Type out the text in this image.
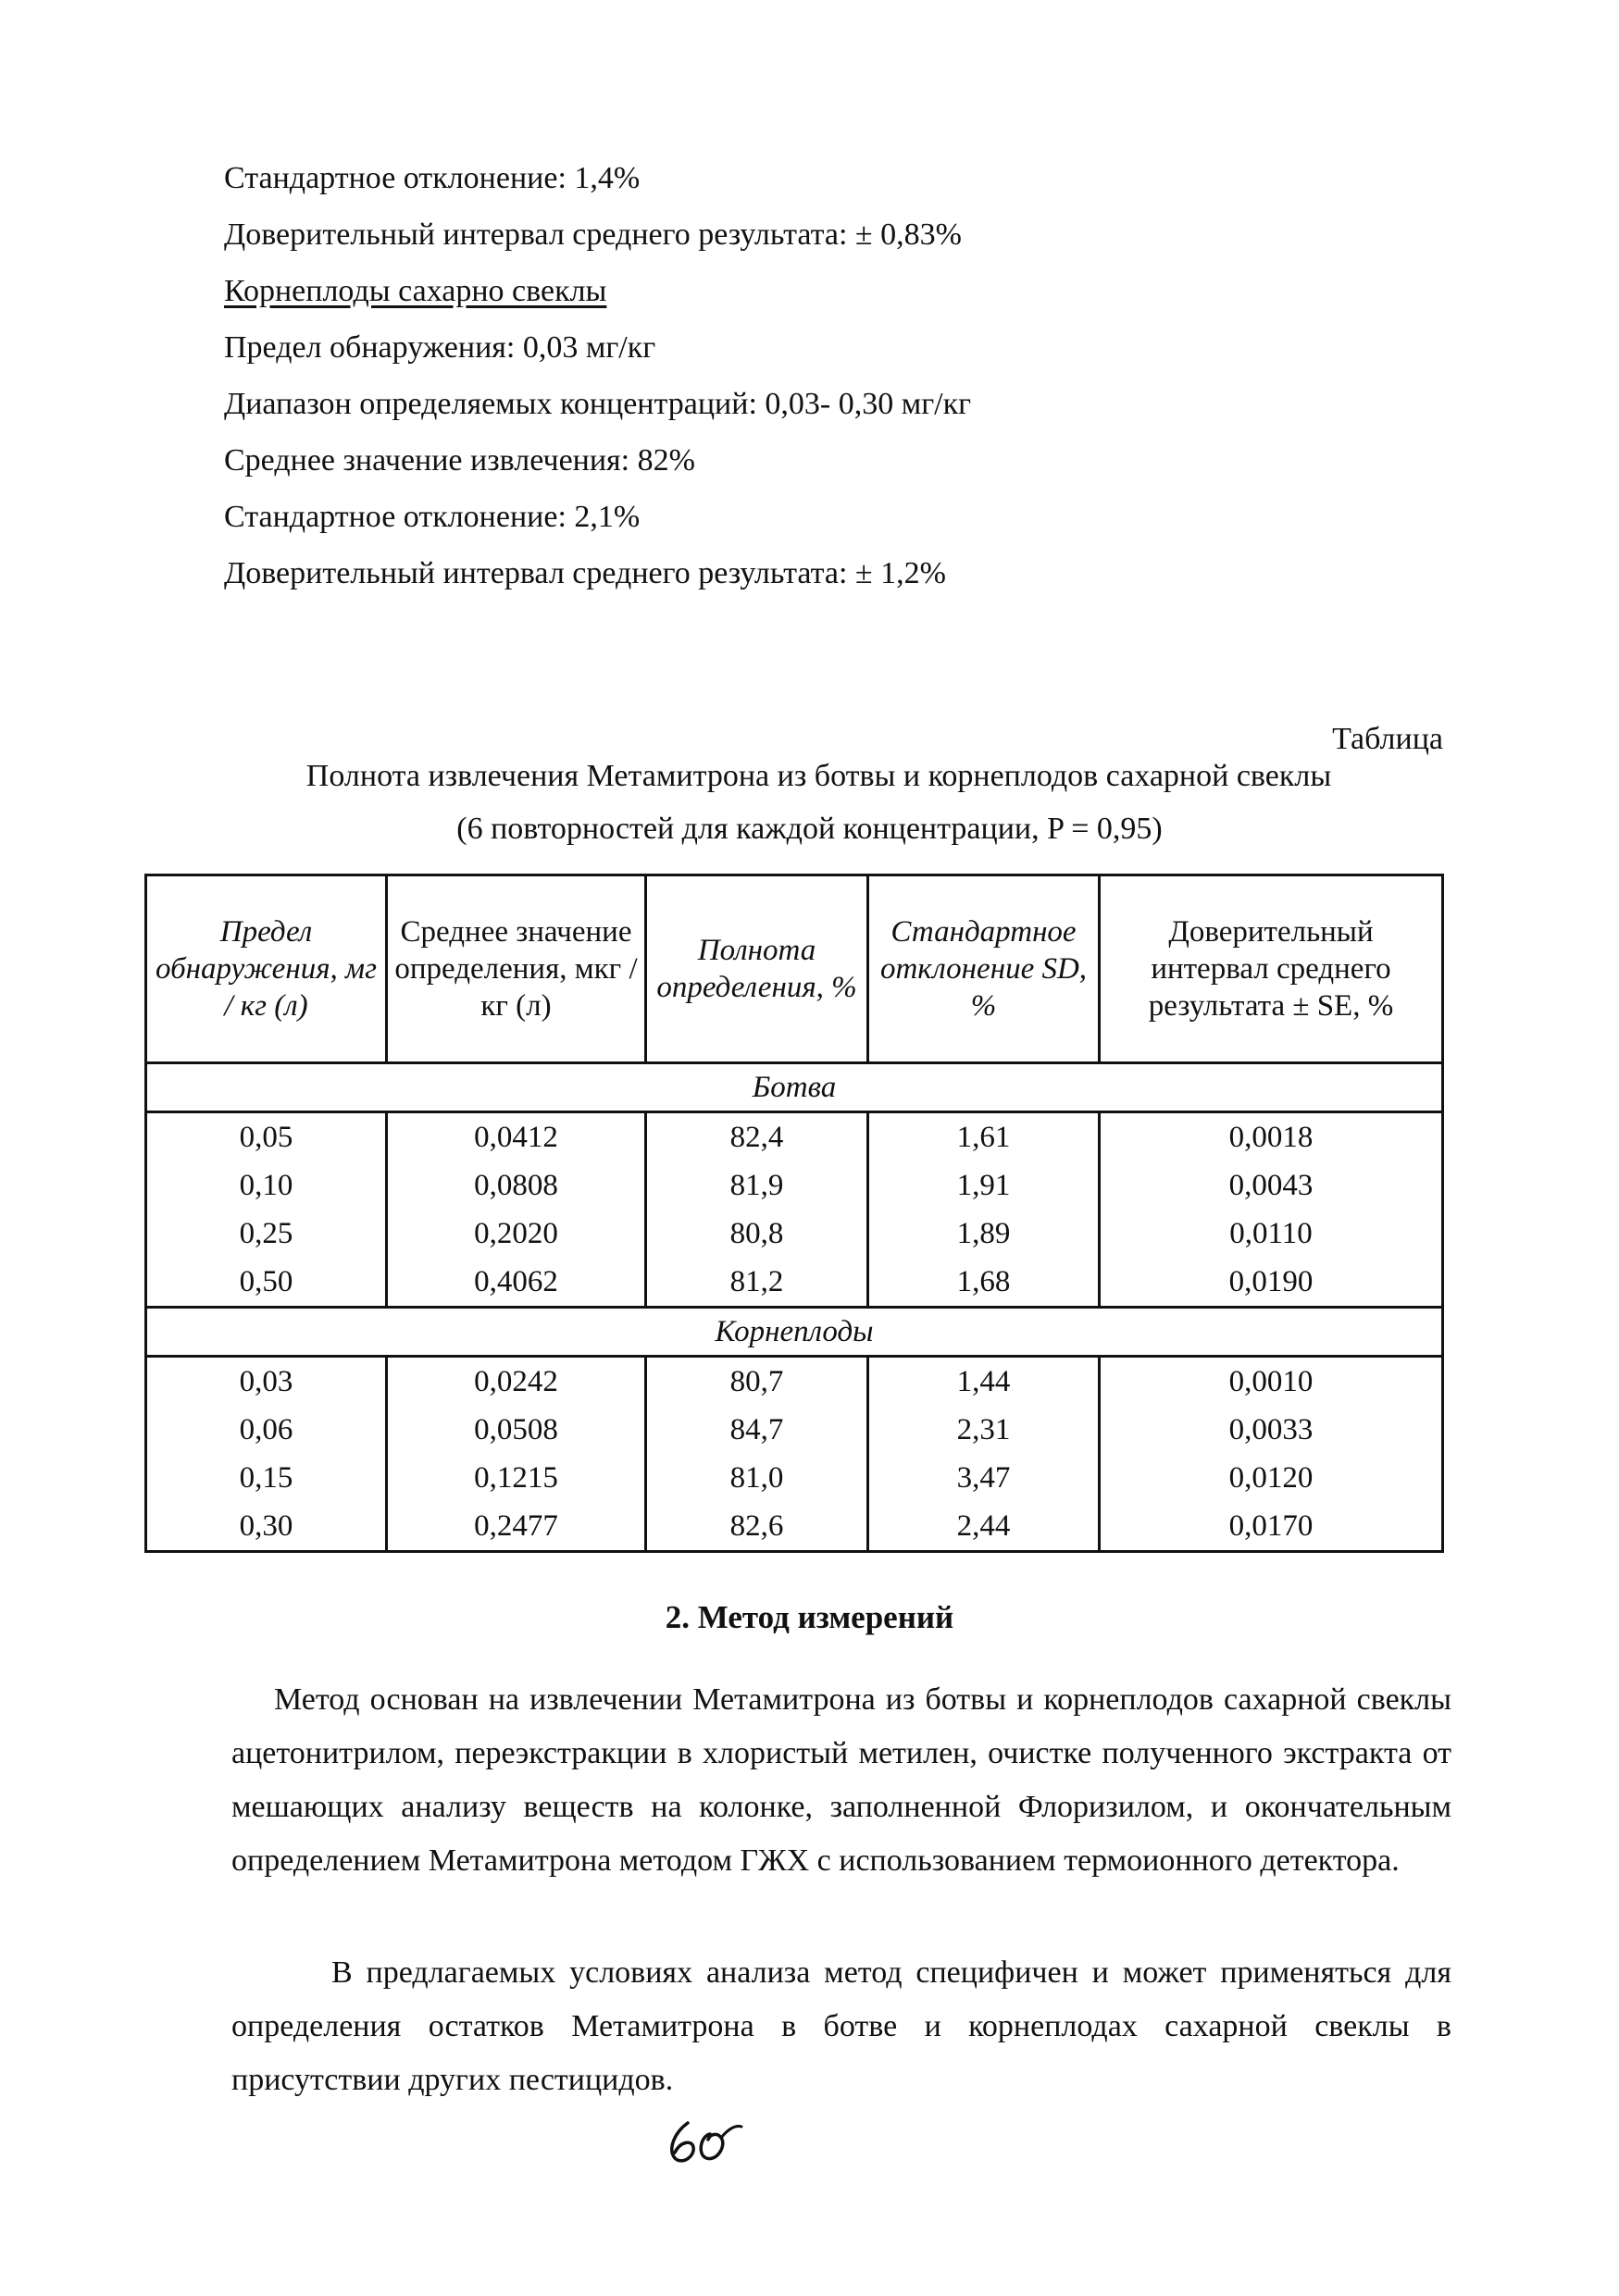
Стандартное отклонение: 1,4%
Доверительный интервал среднего результата: ± 0,83%
Корнеплоды сахарно свеклы
Предел обнаружения: 0,03 мг/кг
Диапазон определяемых концентраций: 0,03- 0,30 мг/кг
Среднее значение извлечения: 82%
Стандартное отклонение: 2,1%
Доверительный интервал среднего результата: ± 1,2%
Таблица
Полнота извлечения Метамитрона из ботвы и корнеплодов сахарной свеклы
(6 повторностей для каждой концентрации, P = 0,95)
Предел обнаружения, мг / кг (л)	Среднее значение определения, мкг / кг (л)	Полнота определения, %	Стандартное отклонение SD, %	Доверительный интервал среднего результата ± SE, %
Ботва				
0,05	0,0412	82,4	1,61	0,0018
0,10	0,0808	81,9	1,91	0,0043
0,25	0,2020	80,8	1,89	0,0110
0,50	0,4062	81,2	1,68	0,0190
Корнеплоды				
0,03	0,0242	80,7	1,44	0,0010
0,06	0,0508	84,7	2,31	0,0033
0,15	0,1215	81,0	3,47	0,0120
0,30	0,2477	82,6	2,44	0,0170
2. Метод измерений
Метод основан на извлечении Метамитрона из ботвы и корнеплодов сахарной свеклы ацетонитрилом, переэкстракции в хлористый метилен, очистке полученного экстракта от мешающих анализу веществ на колонке, заполненной Флоризилом, и окончательным определением Метамитрона методом ГЖХ с использованием термоионного детектора.
В предлагаемых условиях анализа метод специфичен и может применяться для определения остатков Метамитрона в ботве и корнеплодах сахарной свеклы в присутствии других пестицидов.
